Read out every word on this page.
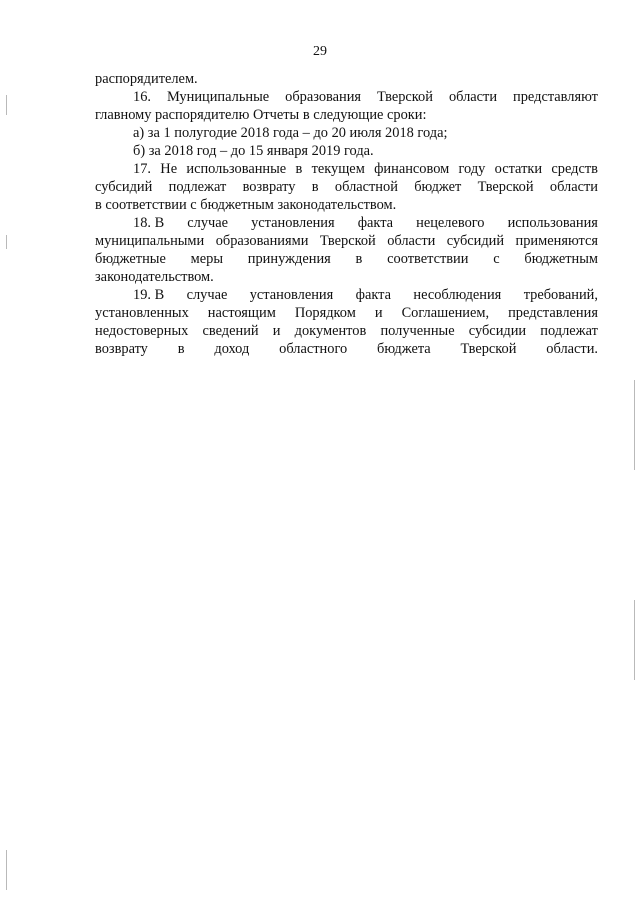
29
распорядителем.
16. Муниципальные образования Тверской области представляют
главному распорядителю Отчеты в следующие сроки:
а) за 1 полугодие 2018 года – до 20 июля 2018 года;
б) за 2018 год – до 15 января 2019 года.
17. Не использованные в текущем финансовом году остатки средств
субсидий подлежат возврату в областной бюджет Тверской области
в соответствии с бюджетным законодательством.
18. В случае установления факта нецелевого использования
муниципальными образованиями Тверской области субсидий применяются
бюджетные меры принуждения в соответствии с бюджетным
законодательством.
19. В случае установления факта несоблюдения требований,
установленных настоящим Порядком и Соглашением, представления
недостоверных сведений и документов полученные субсидии подлежат
возврату в доход областного бюджета Тверской области.
